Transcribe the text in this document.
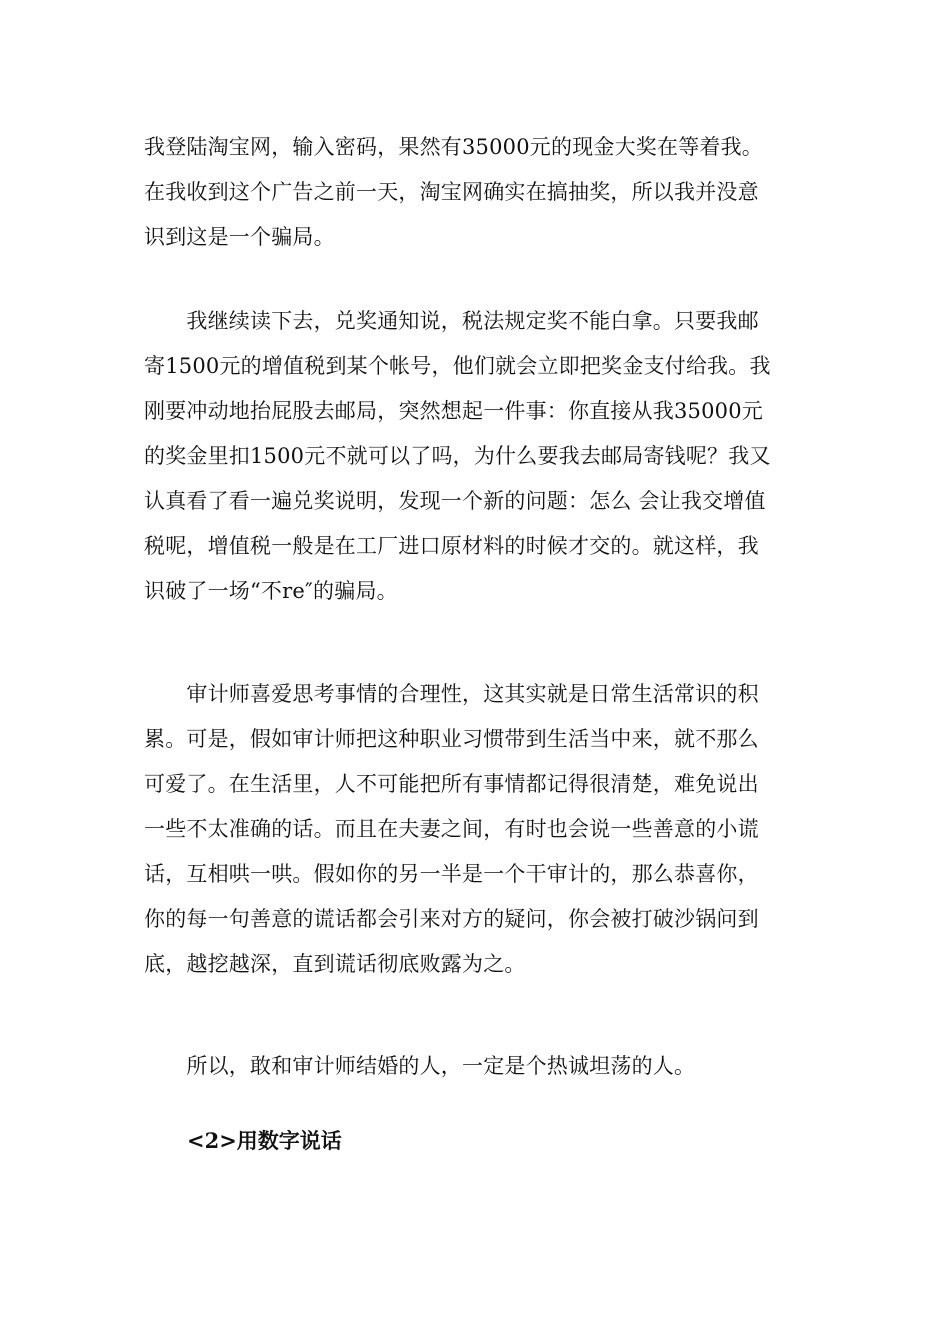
我登陆淘宝网，输入密码，果然有35000元的现金大奖在等着我。
在我收到这个广告之前一天，淘宝网确实在搞抽奖，所以我并没意
识到这是一个骗局。
　　我继续读下去，兑奖通知说，税法规定奖不能白拿。只要我邮
寄1500元的增值税到某个帐号，他们就会立即把奖金支付给我。我
刚要冲动地抬屁股去邮局，突然想起一件事：你直接从我35000元
的奖金里扣1500元不就可以了吗，为什么要我去邮局寄钱呢？我又
认真看了看一遍兑奖说明，发现一个新的问题：怎么 会让我交增值
税呢，增值税一般是在工厂进口原材料的时候才交的。就这样，我
识破了一场“不re″的骗局。
　　审计师喜爱思考事情的合理性，这其实就是日常生活常识的积
累。可是，假如审计师把这种职业习惯带到生活当中来，就不那么
可爱了。在生活里，人不可能把所有事情都记得很清楚，难免说出
一些不太准确的话。而且在夫妻之间，有时也会说一些善意的小谎
话，互相哄一哄。假如你的另一半是一个干审计的，那么恭喜你，
你的每一句善意的谎话都会引来对方的疑问，你会被打破沙锅问到
底，越挖越深，直到谎话彻底败露为之。
　　所以，敢和审计师结婚的人，一定是个热诚坦荡的人。
<2>用数字说话
